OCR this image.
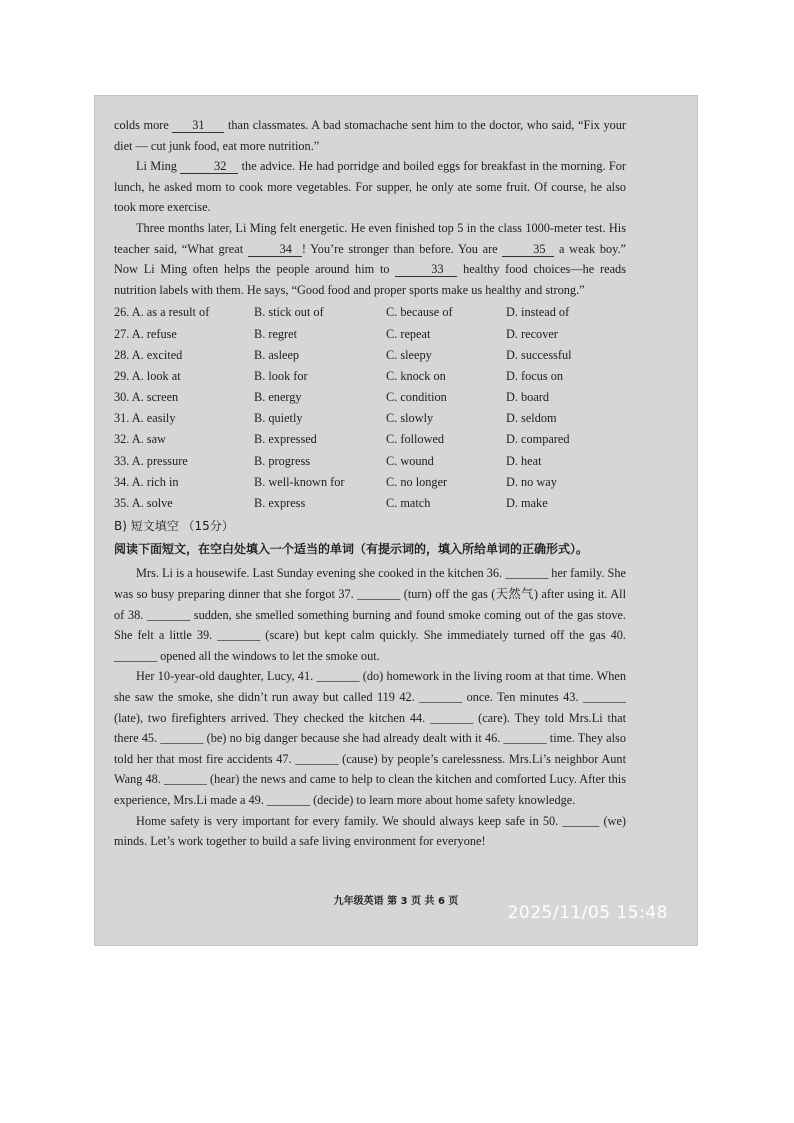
colds more 31 than classmates. A bad stomachache sent him to the doctor, who said, “Fix your diet — cut junk food, eat more nutrition.”

Li Ming	32 the advice. He had porridge and boiled eggs for breakfast in the morning. For lunch, he asked mom to cook more vegetables. For supper, he only ate some fruit. Of course, he also took more exercise.

Three months later, Li Ming felt energetic. He even finished top 5 in the class 1000-meter test. His teacher said, “What great	34 ! You’re stronger than before. You are	35 a weak boy.” Now Li Ming often helps the people around him to	33 healthy food choices—he reads nutrition labels with them. He says, “Good food and proper sports make us healthy and strong.”

26. A. as a result of	B. stick out of	C. because of	D. instead of
27. A. refuse	B. regret	C. repeat	D. recover
28. A. excited	B. asleep	C. sleepy	D. successful
29. A. look at	B. look for	C. knock on	D. focus on
30. A. screen	B. energy	C. condition	D. board
31. A. easily	B. quietly	C. slowly	D. seldom
32. A. saw	B. expressed	C. followed	D. compared
33. A. pressure	B. progress	C. wound	D. heat
34. A. rich in	B. well-known for	C. no longer	D. no way
35. A. solve	B. express	C. match	D. make
B) 短文填空 （15分）
阅读下面短文，在空白处填入一个适当的单词（有提示词的，填入所给单词的正确形式）。

Mrs. Li is a housewife. Last Sunday evening she cooked in the kitchen 36. _______ her family. She was so busy preparing dinner that she forgot 37. _______ (turn) off the gas (天然气) after using it. All of 38. _______ sudden, she smelled something burning and found smoke coming out of the gas stove. She felt a little 39. _______ (scare) but kept calm quickly. She immediately turned off the gas 40. _______ opened all the windows to let the smoke out.

Her 10-year-old daughter, Lucy, 41. _______ (do) homework in the living room at that time. When she saw the smoke, she didn’t run away but called 119 42. _______ once. Ten minutes 43. _______ (late), two firefighters arrived. They checked the kitchen 44. _______ (care). They told Mrs.Li that there 45. _______ (be) no big danger because she had already dealt with it 46. _______ time. They also told her that most fire accidents 47. _______ (cause) by people’s carelessness. Mrs.Li’s neighbor Aunt Wang 48. _______ (hear) the news and came to help to clean the kitchen and comforted Lucy. After this experience, Mrs.Li made a 49. _______ (decide) to learn more about home safety knowledge.

Home safety is very important for every family. We should always keep safe in 50. ______ (we) minds. Let’s work together to build a safe living environment for everyone!

九年级英语 第 3 页 共 6 页
2025/11/05 15:48
